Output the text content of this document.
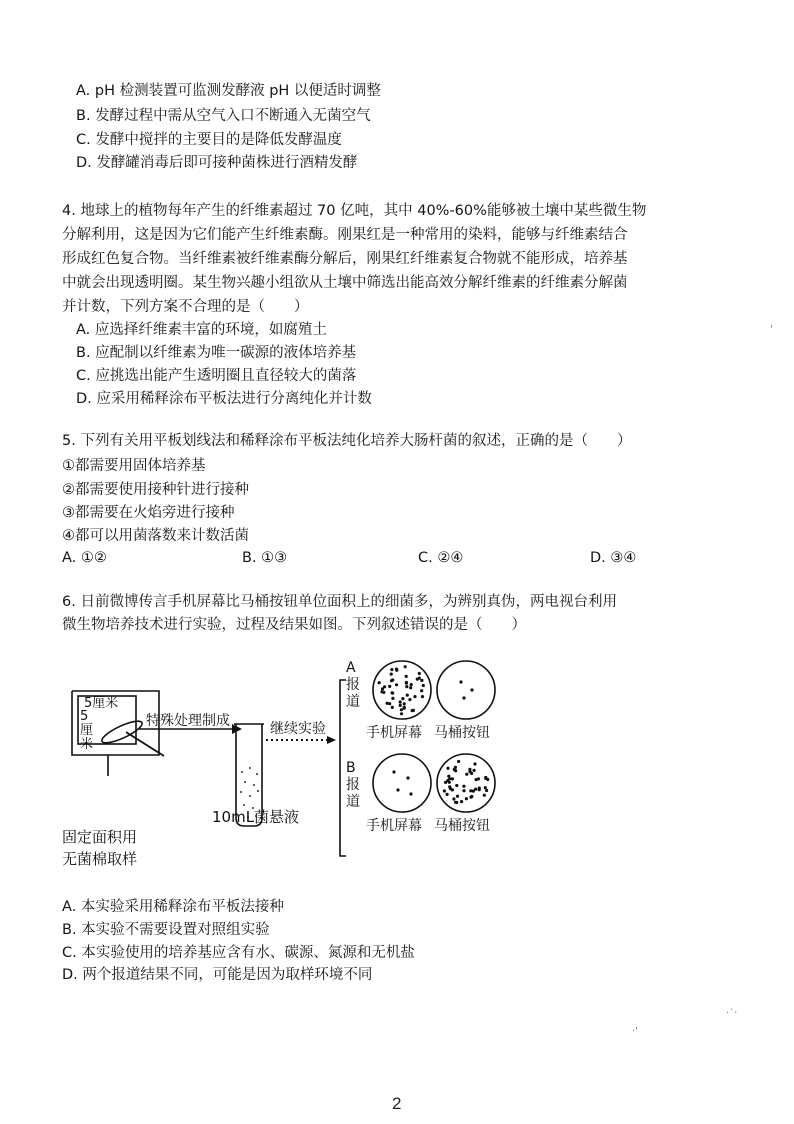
A. pH 检测装置可监测发酵液 pH 以便适时调整
B. 发酵过程中需从空气入口不断通入无菌空气
C. 发酵中搅拌的主要目的是降低发酵温度
D. 发酵罐消毒后即可接种菌株进行酒精发酵
4. 地球上的植物每年产生的纤维素超过 70 亿吨，其中 40%-60%能够被土壤中某些微生物
分解利用，这是因为它们能产生纤维素酶。刚果红是一种常用的染料，能够与纤维素结合
形成红色复合物。当纤维素被纤维素酶分解后，刚果红纤维素复合物就不能形成，培养基
中就会出现透明圈。某生物兴趣小组欲从土壤中筛选出能高效分解纤维素的纤维素分解菌
并计数，下列方案不合理的是（　　）
A. 应选择纤维素丰富的环境，如腐殖土
B. 应配制以纤维素为唯一碳源的液体培养基
C. 应挑选出能产生透明圈且直径较大的菌落
D. 应采用稀释涂布平板法进行分离纯化并计数
5. 下列有关用平板划线法和稀释涂布平板法纯化培养大肠杆菌的叙述，正确的是（　　）
①都需要用固体培养基
②都需要使用接种针进行接种
③都需要在火焰旁进行接种
④都可以用菌落数来计数活菌
A. ①②	B. ①③	C. ②④	D. ③④
6. 日前微博传言手机屏幕比马桶按钮单位面积上的细菌多，为辨别真伪，两电视台利用
微生物培养技术进行实验，过程及结果如图。下列叙述错误的是（　　）
5厘米
5厘米
特殊处理制成	继续实验
10mL菌悬液
A报道
B报道
手机屏幕 马桶按钮
手机屏幕 马桶按钮
固定面积用
无菌棉取样
A. 本实验采用稀释涂布平板法接种
B. 本实验不需要设置对照组实验
C. 本实验使用的培养基应含有水、碳源、氮源和无机盐
D. 两个报道结果不同，可能是因为取样环境不同
·˙·
·'
'
2
